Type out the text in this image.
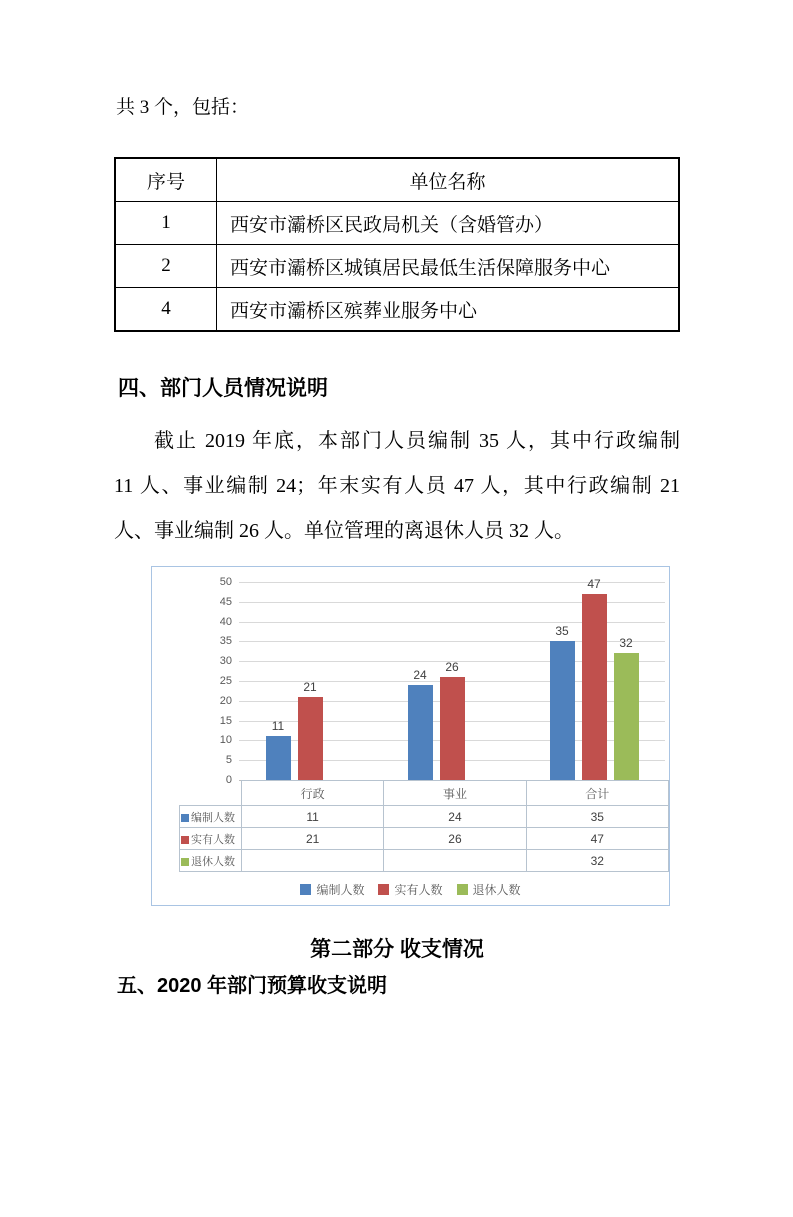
共 3 个，包括：

序号	单位名称
1	西安市灞桥区民政局机关（含婚管办）
2	西安市灞桥区城镇居民最低生活保障服务中心
4	西安市灞桥区殡葬业服务中心
四、部门人员情况说明
截止 2019 年底，本部门人员编制 35 人，其中行政编制
11 人、事业编制 24；年末实有人员 47 人，其中行政编制 21
人、事业编制 26 人。单位管理的离退休人员 32 人。
0
5
10
15
20
25
30
35
40
45
50
11
24
35
21
26
47
32
	行政	事业	合计
编制人数	11	24	35
实有人数	21	26	47
退休人数			32
编制人数	实有人数	退休人数
第二部分 收支情况
五、2020 年部门预算收支说明
